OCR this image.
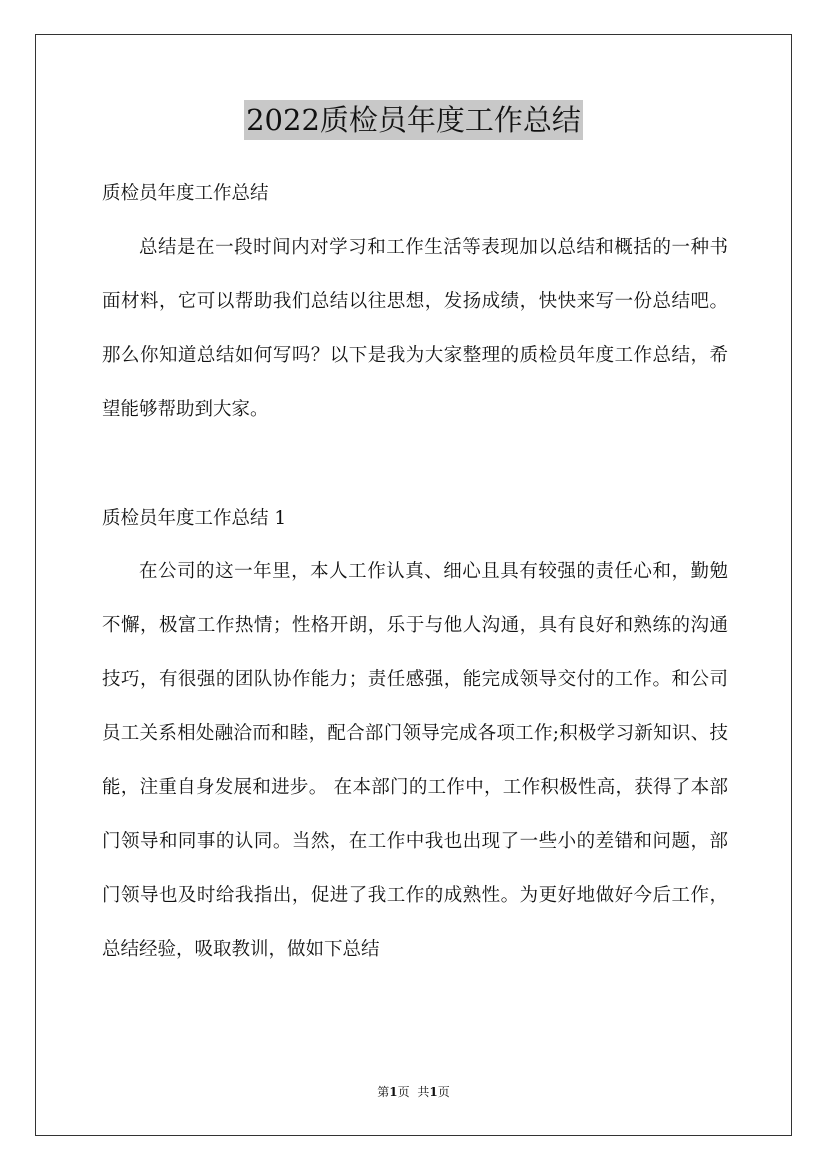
2022质检员年度工作总结

质检员年度工作总结

总结是在一段时间内对学习和工作生活等表现加以总结和概括的一种书面材料，它可以帮助我们总结以往思想，发扬成绩，快快来写一份总结吧。那么你知道总结如何写吗？以下是我为大家整理的质检员年度工作总结，希望能够帮助到大家。

质检员年度工作总结 1

在公司的这一年里，本人工作认真、细心且具有较强的责任心和，勤勉不懈，极富工作热情；性格开朗，乐于与他人沟通，具有良好和熟练的沟通技巧，有很强的团队协作能力；责任感强，能完成领导交付的工作。和公司员工关系相处融洽而和睦，配合部门领导完成各项工作;积极学习新知识、技能，注重自身发展和进步。 在本部门的工作中，工作积极性高，获得了本部门领导和同事的认同。当然，在工作中我也出现了一些小的差错和问题，部门领导也及时给我指出，促进了我工作的成熟性。为更好地做好今后工作，总结经验，吸取教训，做如下总结

第1页 共1页
